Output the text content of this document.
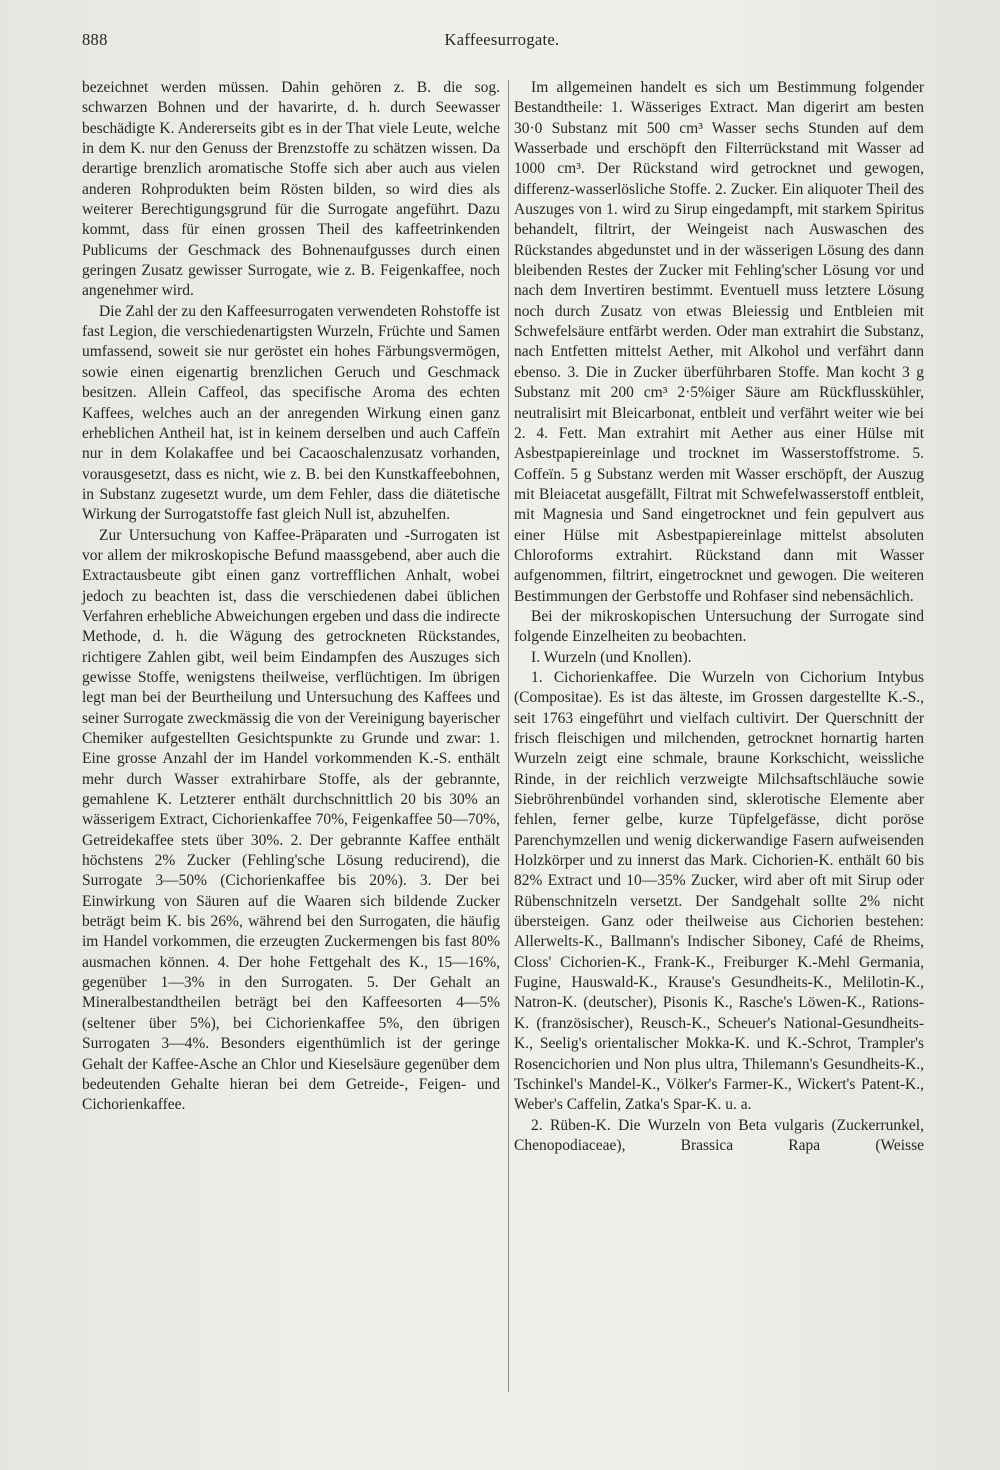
888	Kaffeesurrogate.

bezeichnet werden müssen. Dahin gehören z. B. die sog. schwarzen Bohnen und der havarirte, d. h. durch Seewasser beschädigte K. Andererseits gibt es in der That viele Leute, welche in dem K. nur den Genuss der Brenzstoffe zu schätzen wissen. Da derartige brenzlich aromatische Stoffe sich aber auch aus vielen anderen Rohprodukten beim Rösten bilden, so wird dies als weiterer Berechtigungsgrund für die Surrogate angeführt. Dazu kommt, dass für einen grossen Theil des kaffeetrinkenden Publicums der Geschmack des Bohnenaufgusses durch einen geringen Zusatz gewisser Surrogate, wie z. B. Feigenkaffee, noch angenehmer wird.

Die Zahl der zu den Kaffeesurrogaten verwendeten Rohstoffe ist fast Legion, die verschiedenartigsten Wurzeln, Früchte und Samen umfassend, soweit sie nur geröstet ein hohes Färbungsvermögen, sowie einen eigenartig brenzlichen Geruch und Geschmack besitzen. Allein Caffeol, das specifische Aroma des echten Kaffees, welches auch an der anregenden Wirkung einen ganz erheblichen Antheil hat, ist in keinem derselben und auch Caffeïn nur in dem Kolakaffee und bei Cacaoschalenzusatz vorhanden, vorausgesetzt, dass es nicht, wie z. B. bei den Kunstkaffeebohnen, in Substanz zugesetzt wurde, um dem Fehler, dass die diätetische Wirkung der Surrogatstoffe fast gleich Null ist, abzuhelfen.

Zur Untersuchung von Kaffee-Präparaten und -Surrogaten ist vor allem der mikroskopische Befund maassgebend, aber auch die Extractausbeute gibt einen ganz vortrefflichen Anhalt, wobei jedoch zu beachten ist, dass die verschiedenen dabei üblichen Verfahren erhebliche Abweichungen ergeben und dass die indirecte Methode, d. h. die Wägung des getrockneten Rückstandes, richtigere Zahlen gibt, weil beim Eindampfen des Auszuges sich gewisse Stoffe, wenigstens theilweise, verflüchtigen. Im übrigen legt man bei der Beurtheilung und Untersuchung des Kaffees und seiner Surrogate zweckmässig die von der Vereinigung bayerischer Chemiker aufgestellten Gesichtspunkte zu Grunde und zwar: 1. Eine grosse Anzahl der im Handel vorkommenden K.-S. enthält mehr durch Wasser extrahirbare Stoffe, als der gebrannte, gemahlene K. Letzterer enthält durchschnittlich 20 bis 30% an wässerigem Extract, Cichorienkaffee 70%, Feigenkaffee 50—70%, Getreidekaffee stets über 30%. 2. Der gebrannte Kaffee enthält höchstens 2% Zucker (Fehling'sche Lösung reducirend), die Surrogate 3—50% (Cichorienkaffee bis 20%). 3. Der bei Einwirkung von Säuren auf die Waaren sich bildende Zucker beträgt beim K. bis 26%, während bei den Surrogaten, die häufig im Handel vorkommen, die erzeugten Zuckermengen bis fast 80% ausmachen können. 4. Der hohe Fettgehalt des K., 15—16%, gegenüber 1—3% in den Surrogaten. 5. Der Gehalt an Mineralbestandtheilen beträgt bei den Kaffeesorten 4—5% (seltener über 5%), bei Cichorienkaffee 5%, den übrigen Surrogaten 3—4%. Besonders eigenthümlich ist der geringe Gehalt der Kaffee-Asche an Chlor und Kieselsäure gegenüber dem bedeutenden Gehalte hieran bei dem Getreide-, Feigen- und Cichorienkaffee.

Im allgemeinen handelt es sich um Bestimmung folgender Bestandtheile: 1. Wässeriges Extract. Man digerirt am besten 30·0 Substanz mit 500 cm³ Wasser sechs Stunden auf dem Wasserbade und erschöpft den Filterrückstand mit Wasser ad 1000 cm³. Der Rückstand wird getrocknet und gewogen, differenz-wasserlösliche Stoffe. 2. Zucker. Ein aliquoter Theil des Auszuges von 1. wird zu Sirup eingedampft, mit starkem Spiritus behandelt, filtrirt, der Weingeist nach Auswaschen des Rückstandes abgedunstet und in der wässerigen Lösung des dann bleibenden Restes der Zucker mit Fehling'scher Lösung vor und nach dem Invertiren bestimmt. Eventuell muss letztere Lösung noch durch Zusatz von etwas Bleiessig und Entbleien mit Schwefelsäure entfärbt werden. Oder man extrahirt die Substanz, nach Entfetten mittelst Aether, mit Alkohol und verfährt dann ebenso. 3. Die in Zucker überführbaren Stoffe. Man kocht 3 g Substanz mit 200 cm³ 2·5%iger Säure am Rückflusskühler, neutralisirt mit Bleicarbonat, entbleit und verfährt weiter wie bei 2. 4. Fett. Man extrahirt mit Aether aus einer Hülse mit Asbestpapiereinlage und trocknet im Wasserstoffstrome. 5. Coffeïn. 5 g Substanz werden mit Wasser erschöpft, der Auszug mit Bleiacetat ausgefällt, Filtrat mit Schwefelwasserstoff entbleit, mit Magnesia und Sand eingetrocknet und fein gepulvert aus einer Hülse mit Asbestpapiereinlage mittelst absoluten Chloroforms extrahirt. Rückstand dann mit Wasser aufgenommen, filtrirt, eingetrocknet und gewogen. Die weiteren Bestimmungen der Gerbstoffe und Rohfaser sind nebensächlich.

Bei der mikroskopischen Untersuchung der Surrogate sind folgende Einzelheiten zu beobachten.

I. Wurzeln (und Knollen).

1. Cichorienkaffee. Die Wurzeln von Cichorium Intybus (Compositae). Es ist das älteste, im Grossen dargestellte K.-S., seit 1763 eingeführt und vielfach cultivirt. Der Querschnitt der frisch fleischigen und milchenden, getrocknet hornartig harten Wurzeln zeigt eine schmale, braune Korkschicht, weissliche Rinde, in der reichlich verzweigte Milchsaftschläuche sowie Siebröhrenbündel vorhanden sind, sklerotische Elemente aber fehlen, ferner gelbe, kurze Tüpfelgefässe, dicht poröse Parenchymzellen und wenig dickerwandige Fasern aufweisenden Holzkörper und zu innerst das Mark. Cichorien-K. enthält 60 bis 82% Extract und 10—35% Zucker, wird aber oft mit Sirup oder Rübenschnitzeln versetzt. Der Sandgehalt sollte 2% nicht übersteigen. Ganz oder theilweise aus Cichorien bestehen: Allerwelts-K., Ballmann's Indischer Siboney, Café de Rheims, Closs' Cichorien-K., Frank-K., Freiburger K.-Mehl Germania, Fugine, Hauswald-K., Krause's Gesundheits-K., Melilotin-K., Natron-K. (deutscher), Pisonis K., Rasche's Löwen-K., Rations-K. (französischer), Reusch-K., Scheuer's National-Gesundheits-K., Seelig's orientalischer Mokka-K. und K.-Schrot, Trampler's Rosencichorien und Non plus ultra, Thilemann's Gesundheits-K., Tschinkel's Mandel-K., Völker's Farmer-K., Wickert's Patent-K., Weber's Caffelin, Zatka's Spar-K. u. a.

2. Rüben-K. Die Wurzeln von Beta vulgaris (Zuckerrunkel, Chenopodiaceae), Brassica Rapa (Weisse
